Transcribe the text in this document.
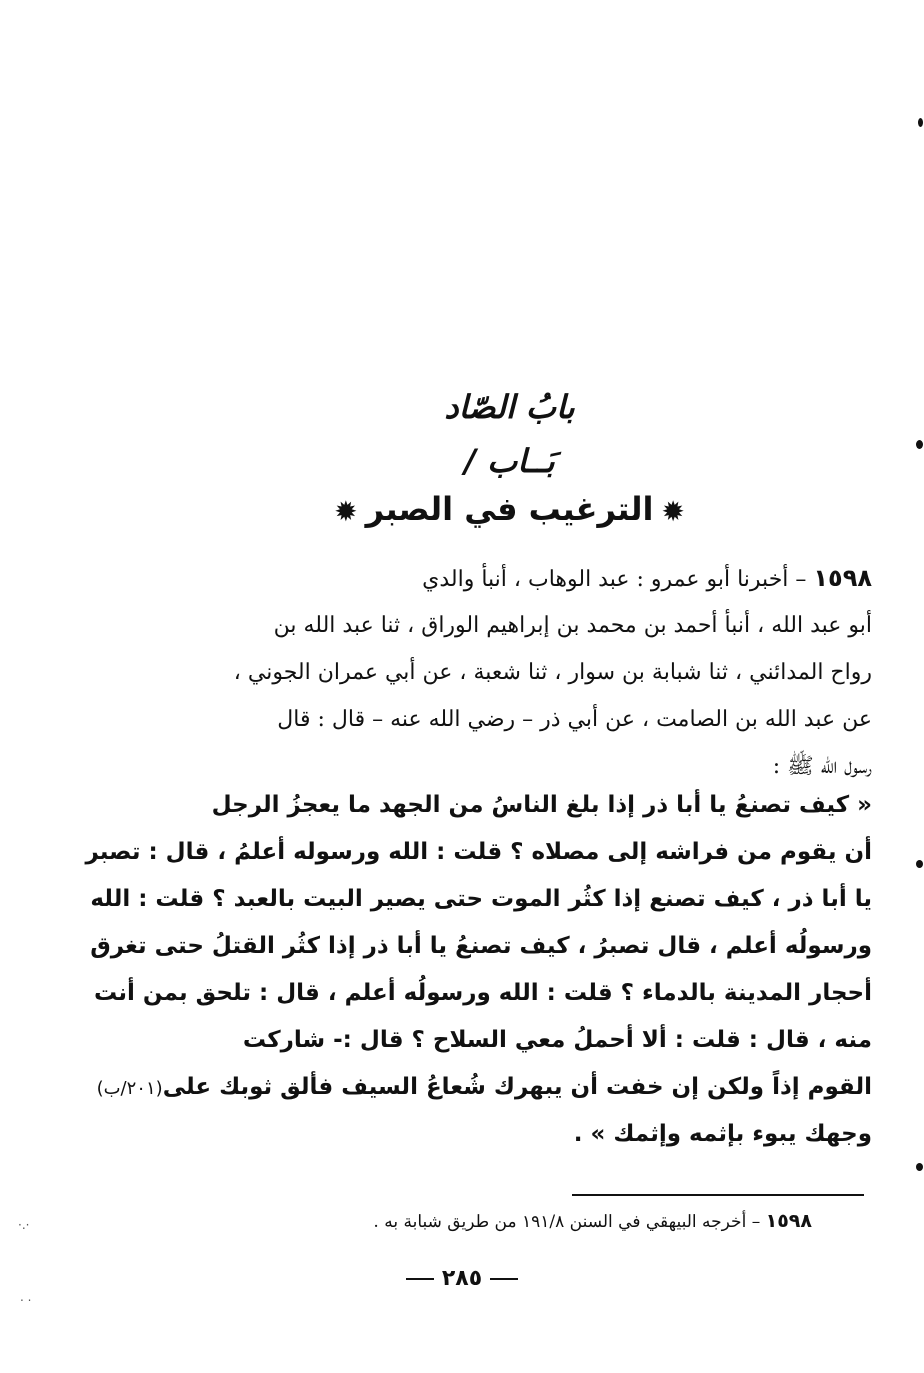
·.·
. .
بابُ الصّاد
بَــاب /
✹الترغيب في الصبر✹
١٥٩٨ – أخبرنا أبو عمرو : عبد الوهاب ، أنبأ والدي
أبو عبد الله ، أنبأ أحمد بن محمد بن إبراهيم الوراق ، ثنا عبد الله بن
رواح المدائني ، ثنا شبابة بن سوار ، ثنا شعبة ، عن أبي عمران الجوني ،
عن عبد الله بن الصامت ، عن أبي ذر – رضي الله عنه – قال : قال
رسول الله ﷺ :
« كيف تصنعُ يا أبا ذر إذا بلغ الناسُ من الجهد ما يعجزُ الرجل
أن يقوم من فراشه إلى مصلاه ؟ قلت : الله ورسوله أعلمُ ، قال : تصبر
يا أبا ذر ، كيف تصنع إذا كثُر الموت حتى يصير البيت بالعبد ؟ قلت : الله
ورسولُه أعلم ، قال تصبرُ ، كيف تصنعُ يا أبا ذر إذا كثُر القتلُ حتى تغرق
أحجار المدينة بالدماء ؟ قلت : الله ورسولُه أعلم ، قال : تلحق بمن أنت
منه ، قال : قلت : ألا أحملُ معي السلاح ؟ قال :- شاركت
القوم إذاً ولكن إن خفت أن يبهرك شُعاعُ السيف فألق ثوبك على(٢٠١/ب)
وجهك يبوء بإثمه وإثمك » .
١٥٩٨ – أخرجه البيهقي في السنن ١٩١/٨ من طريق شبابة به .
٢٨٥
